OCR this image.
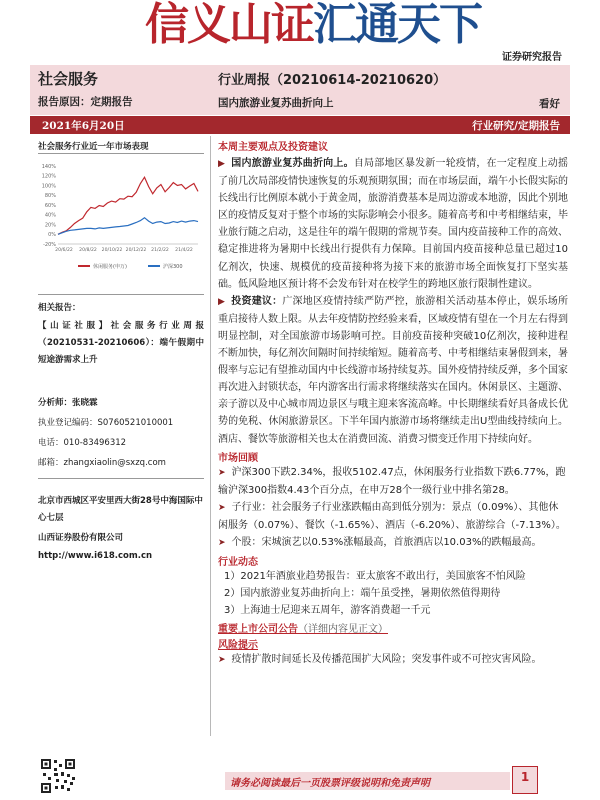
信义山证汇通天下
证券研究报告
社会服务
报告原因：定期报告
行业周报（20210614-20210620）
国内旅游业复苏曲折向上	看好
2021年6月20日	行业研究/定期报告
社会服务行业近一年市场表现
140%
120%
100%
80%
60%
40%
20%
0%
-20%
20/6/22 20/8/22 20/10/22 20/12/22 21/2/22 21/4/22
休闲服务(申万)	沪深300
相关报告：
【山证社服】社会服务行业周报（20210531-20210606）：端午假期中短途游需求上升
分析师：张晓霖
执业登记编码：S0760521010001
电话：010-83496312
邮箱：zhangxiaolin@sxzq.com
北京市西城区平安里西大街28号中海国际中心七层
山西证券股份有限公司
http://www.i618.com.cn

本周主要观点及投资建议

▶  国内旅游业复苏曲折向上。自局部地区暴发新一轮疫情，在一定程度上动摇了前几次局部疫情快速恢复的乐观预期氛围；而在市场层面，端午小长假实际的长线出行比例原本就小于黄金周，旅游消费基本是周边游或本地游，因此个别地区的疫情反复对于整个市场的实际影响会小很多。随着高考和中考相继结束，毕业旅行随之启动，这是往年的端午假期的常规节奏。国内疫苗接种工作的高效、稳定推进将为暑期中长线出行提供有力保障。目前国内疫苗接种总量已超过10亿剂次，快速、规模优的疫苗接种将为接下来的旅游市场全面恢复打下坚实基础。低风险地区预计将不会发布针对在校学生的跨地区旅行限制性建议。

▶  投资建议：广深地区疫情持续严防严控，旅游相关活动基本停止，娱乐场所重启接待人数上限。从去年疫情防控经验来看，区域疫情有望在一个月左右得到明显控制，对全国旅游市场影响可控。目前疫苗接种突破10亿剂次，接种进程不断加快，每亿剂次间隔时间持续缩短。随着高考、中考相继结束暑假到来，暑假率与忘记有望推动国内中长线游市场持续复苏。国外疫情持续反弹，多个国家再次进入封锁状态，年内游客出行需求将继续落实在国内。休闲景区、主题游、亲子游以及中心城市周边景区与哦主迎来客流高峰。中长期继续看好具备成长优势的免税、休闲旅游景区。下半年国内旅游市场将继续走出U型曲线持续向上。酒店、餐饮等旅游相关也太在消费回流、消费习惯变迁作用下持续向好。

市场回顾

➤ 沪深300下跌2.34%，报收5102.47点，休闲服务行业指数下跌6.77%，跑输沪深300指数4.43个百分点，在申万28个一级行业中排名第28。

➤ 子行业：社会服务子行业涨跌幅由高到低分别为：景点（0.09%）、其他休闲服务（0.07%）、餐饮（-1.65%）、酒店（-6.20%）、旅游综合（-7.13%）。

➤ 个股：宋城演艺以0.53%涨幅最高，首旅酒店以10.03%的跌幅最高。

行业动态

1）2021年酒旅业趋势报告：亚太旅客不敢出行，美国旅客不怕风险

2）国内旅游业复苏曲折向上：端午虽受挫，暑期依然值得期待

3）上海迪士尼迎来五周年，游客消费超一千元

重要上市公司公告（详细内容见正文）

风险提示

➤ 疫情扩散时间延长及传播范围扩大风险；突发事件或不可控灾害风险。

请务必阅读最后一页股票评级说明和免责声明	1
